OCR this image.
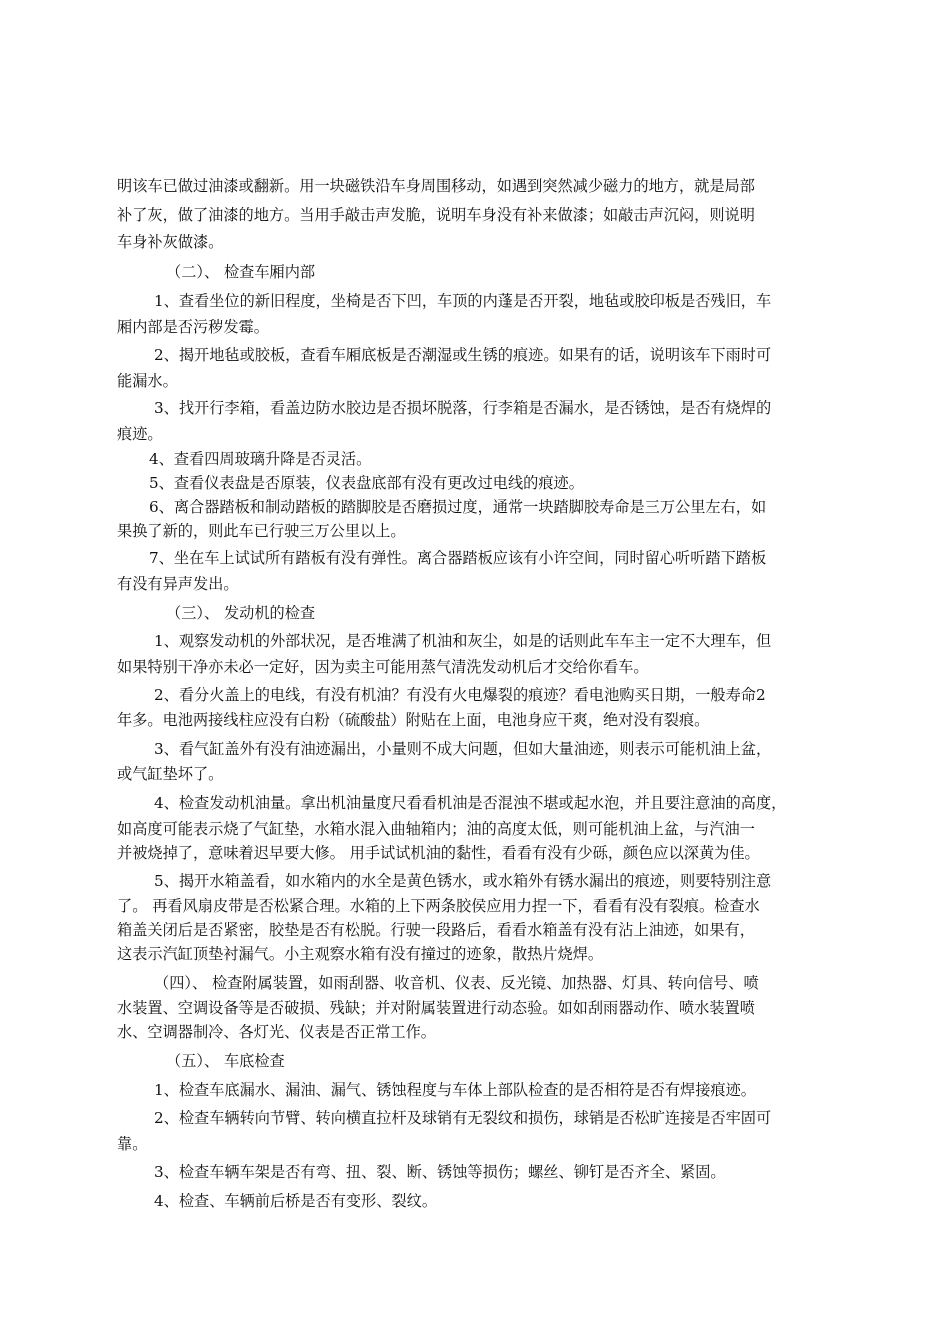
明该车已做过油漆或翻新。用一块磁铁沿车身周围移动，如遇到突然减少磁力的地方，就是局部
补了灰，做了油漆的地方。当用手敲击声发脆，说明车身没有补来做漆；如敲击声沉闷，则说明
车身补灰做漆。
（二）、 检查车厢内部
1、查看坐位的新旧程度，坐椅是否下凹，车顶的内蓬是否开裂，地毡或胶印板是否残旧，车
厢内部是否污秽发霉。
2、揭开地毡或胶板，查看车厢底板是否潮湿或生锈的痕迹。如果有的话，说明该车下雨时可
能漏水。
3、找开行李箱，看盖边防水胶边是否损坏脱落，行李箱是否漏水，是否锈蚀，是否有烧焊的
痕迹。
4、查看四周玻璃升降是否灵活。
5、查看仪表盘是否原装，仪表盘底部有没有更改过电线的痕迹。
6、离合器踏板和制动踏板的踏脚胶是否磨损过度，通常一块踏脚胶寿命是三万公里左右，如
果换了新的，则此车已行驶三万公里以上。
7、坐在车上试试所有踏板有没有弹性。离合器踏板应该有小许空间，同时留心听听踏下踏板
有没有异声发出。
（三）、 发动机的检查
1、观察发动机的外部状况，是否堆满了机油和灰尘，如是的话则此车车主一定不大理车，但
如果特别干净亦未必一定好，因为卖主可能用蒸气清洗发动机后才交给你看车。
2、看分火盖上的电线，有没有机油？有没有火电爆裂的痕迹？看电池购买日期，一般寿命2
年多。电池两接线柱应没有白粉（硫酸盐）附贴在上面，电池身应干爽，绝对没有裂痕。
3、看气缸盖外有没有油迹漏出，小量则不成大问题，但如大量油迹，则表示可能机油上盆，
或气缸垫坏了。
4、检查发动机油量。拿出机油量度尺看看机油是否混浊不堪或起水泡，并且要注意油的高度，
如高度可能表示烧了气缸垫，水箱水混入曲轴箱内；油的高度太低，则可能机油上盆，与汽油一
并被烧掉了，意味着迟早要大修。 用手试试机油的黏性，看看有没有少砾，颜色应以深黄为佳。
5、揭开水箱盖看，如水箱内的水全是黄色锈水，或水箱外有锈水漏出的痕迹，则要特别注意
了。 再看风扇皮带是否松紧合理。水箱的上下两条胶侯应用力捏一下，看看有没有裂痕。检查水
箱盖关闭后是否紧密，胶垫是否有松脱。行驶一段路后，看看水箱盖有没有沾上油迹，如果有，
这表示汽缸顶垫衬漏气。小主观察水箱有没有撞过的迹象，散热片烧焊。
（四）、 检查附属装置，如雨刮器、收音机、仪表、反光镜、加热器、灯具、转向信号、喷
水装置、空调设备等是否破损、残缺；并对附属装置进行动态验。如如刮雨器动作、喷水装置喷
水、空调器制冷、各灯光、仪表是否正常工作。
（五）、 车底检查
1、检查车底漏水、漏油、漏气、锈蚀程度与车体上部队检查的是否相符是否有焊接痕迹。
2、检查车辆转向节臂、转向横直拉杆及球销有无裂纹和损伤，球销是否松旷连接是否牢固可
靠。
3、检查车辆车架是否有弯、扭、裂、断、锈蚀等损伤；螺丝、铆钉是否齐全、紧固。
4、检查、车辆前后桥是否有变形、裂纹。
